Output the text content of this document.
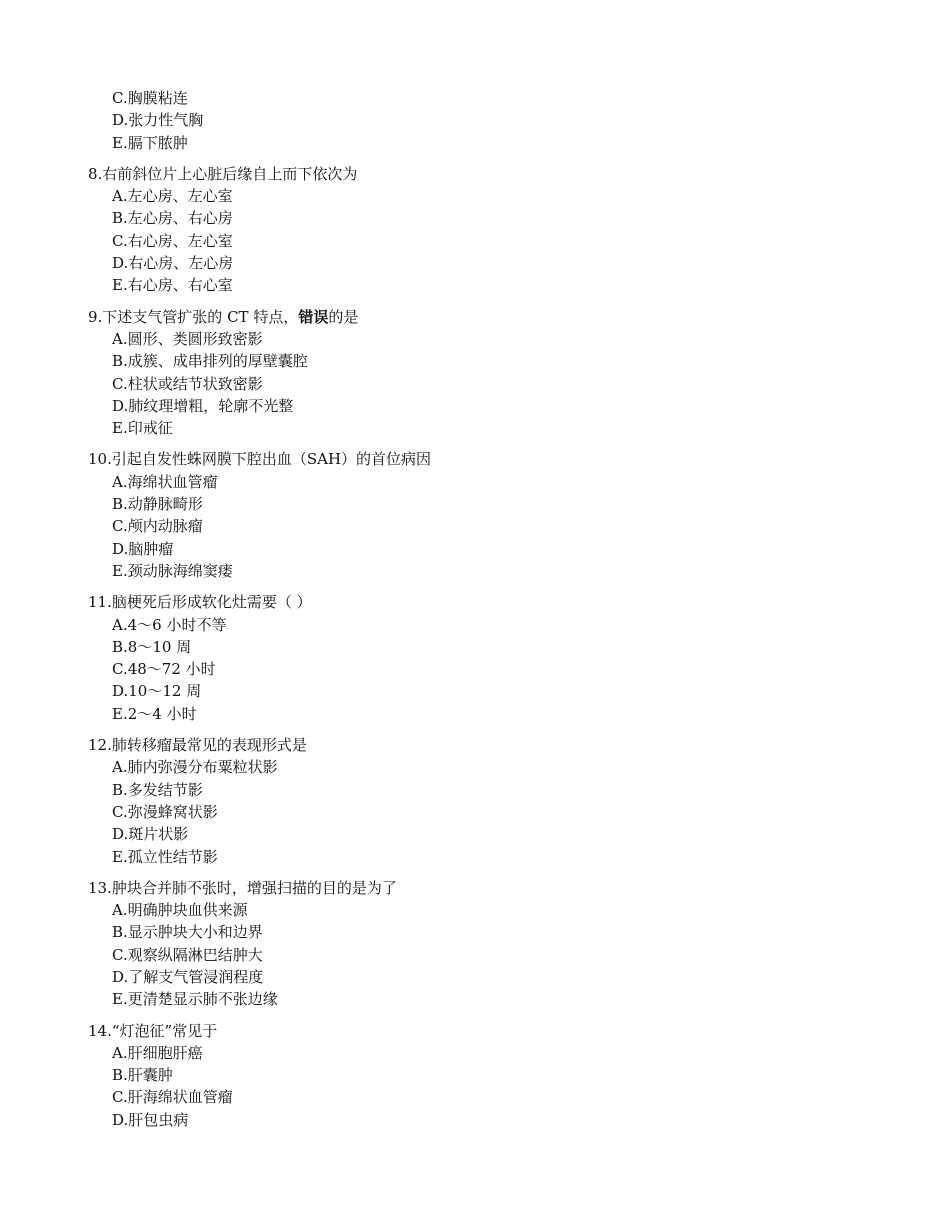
C.胸膜粘连
D.张力性气胸
E.膈下脓肿
8.右前斜位片上心脏后缘自上而下依次为
A.左心房、左心室
B.左心房、右心房
C.右心房、左心室
D.右心房、左心房
E.右心房、右心室
9.下述支气管扩张的 CT 特点，错误的是
A.圆形、类圆形致密影
B.成簇、成串排列的厚壁囊腔
C.柱状或结节状致密影
D.肺纹理增粗，轮廓不光整
E.印戒征
10.引起自发性蛛网膜下腔出血（SAH）的首位病因
A.海绵状血管瘤
B.动静脉畸形
C.颅内动脉瘤
D.脑肿瘤
E.颈动脉海绵窦瘘
11.脑梗死后形成软化灶需要（ ）
A.4～6 小时不等
B.8～10 周
C.48～72 小时
D.10～12 周
E.2～4 小时
12.肺转移瘤最常见的表现形式是
A.肺内弥漫分布粟粒状影
B.多发结节影
C.弥漫蜂窝状影
D.斑片状影
E.孤立性结节影
13.肿块合并肺不张时，增强扫描的目的是为了
A.明确肿块血供来源
B.显示肿块大小和边界
C.观察纵隔淋巴结肿大
D.了解支气管浸润程度
E.更清楚显示肺不张边缘
14.“灯泡征”常见于
A.肝细胞肝癌
B.肝囊肿
C.肝海绵状血管瘤
D.肝包虫病
